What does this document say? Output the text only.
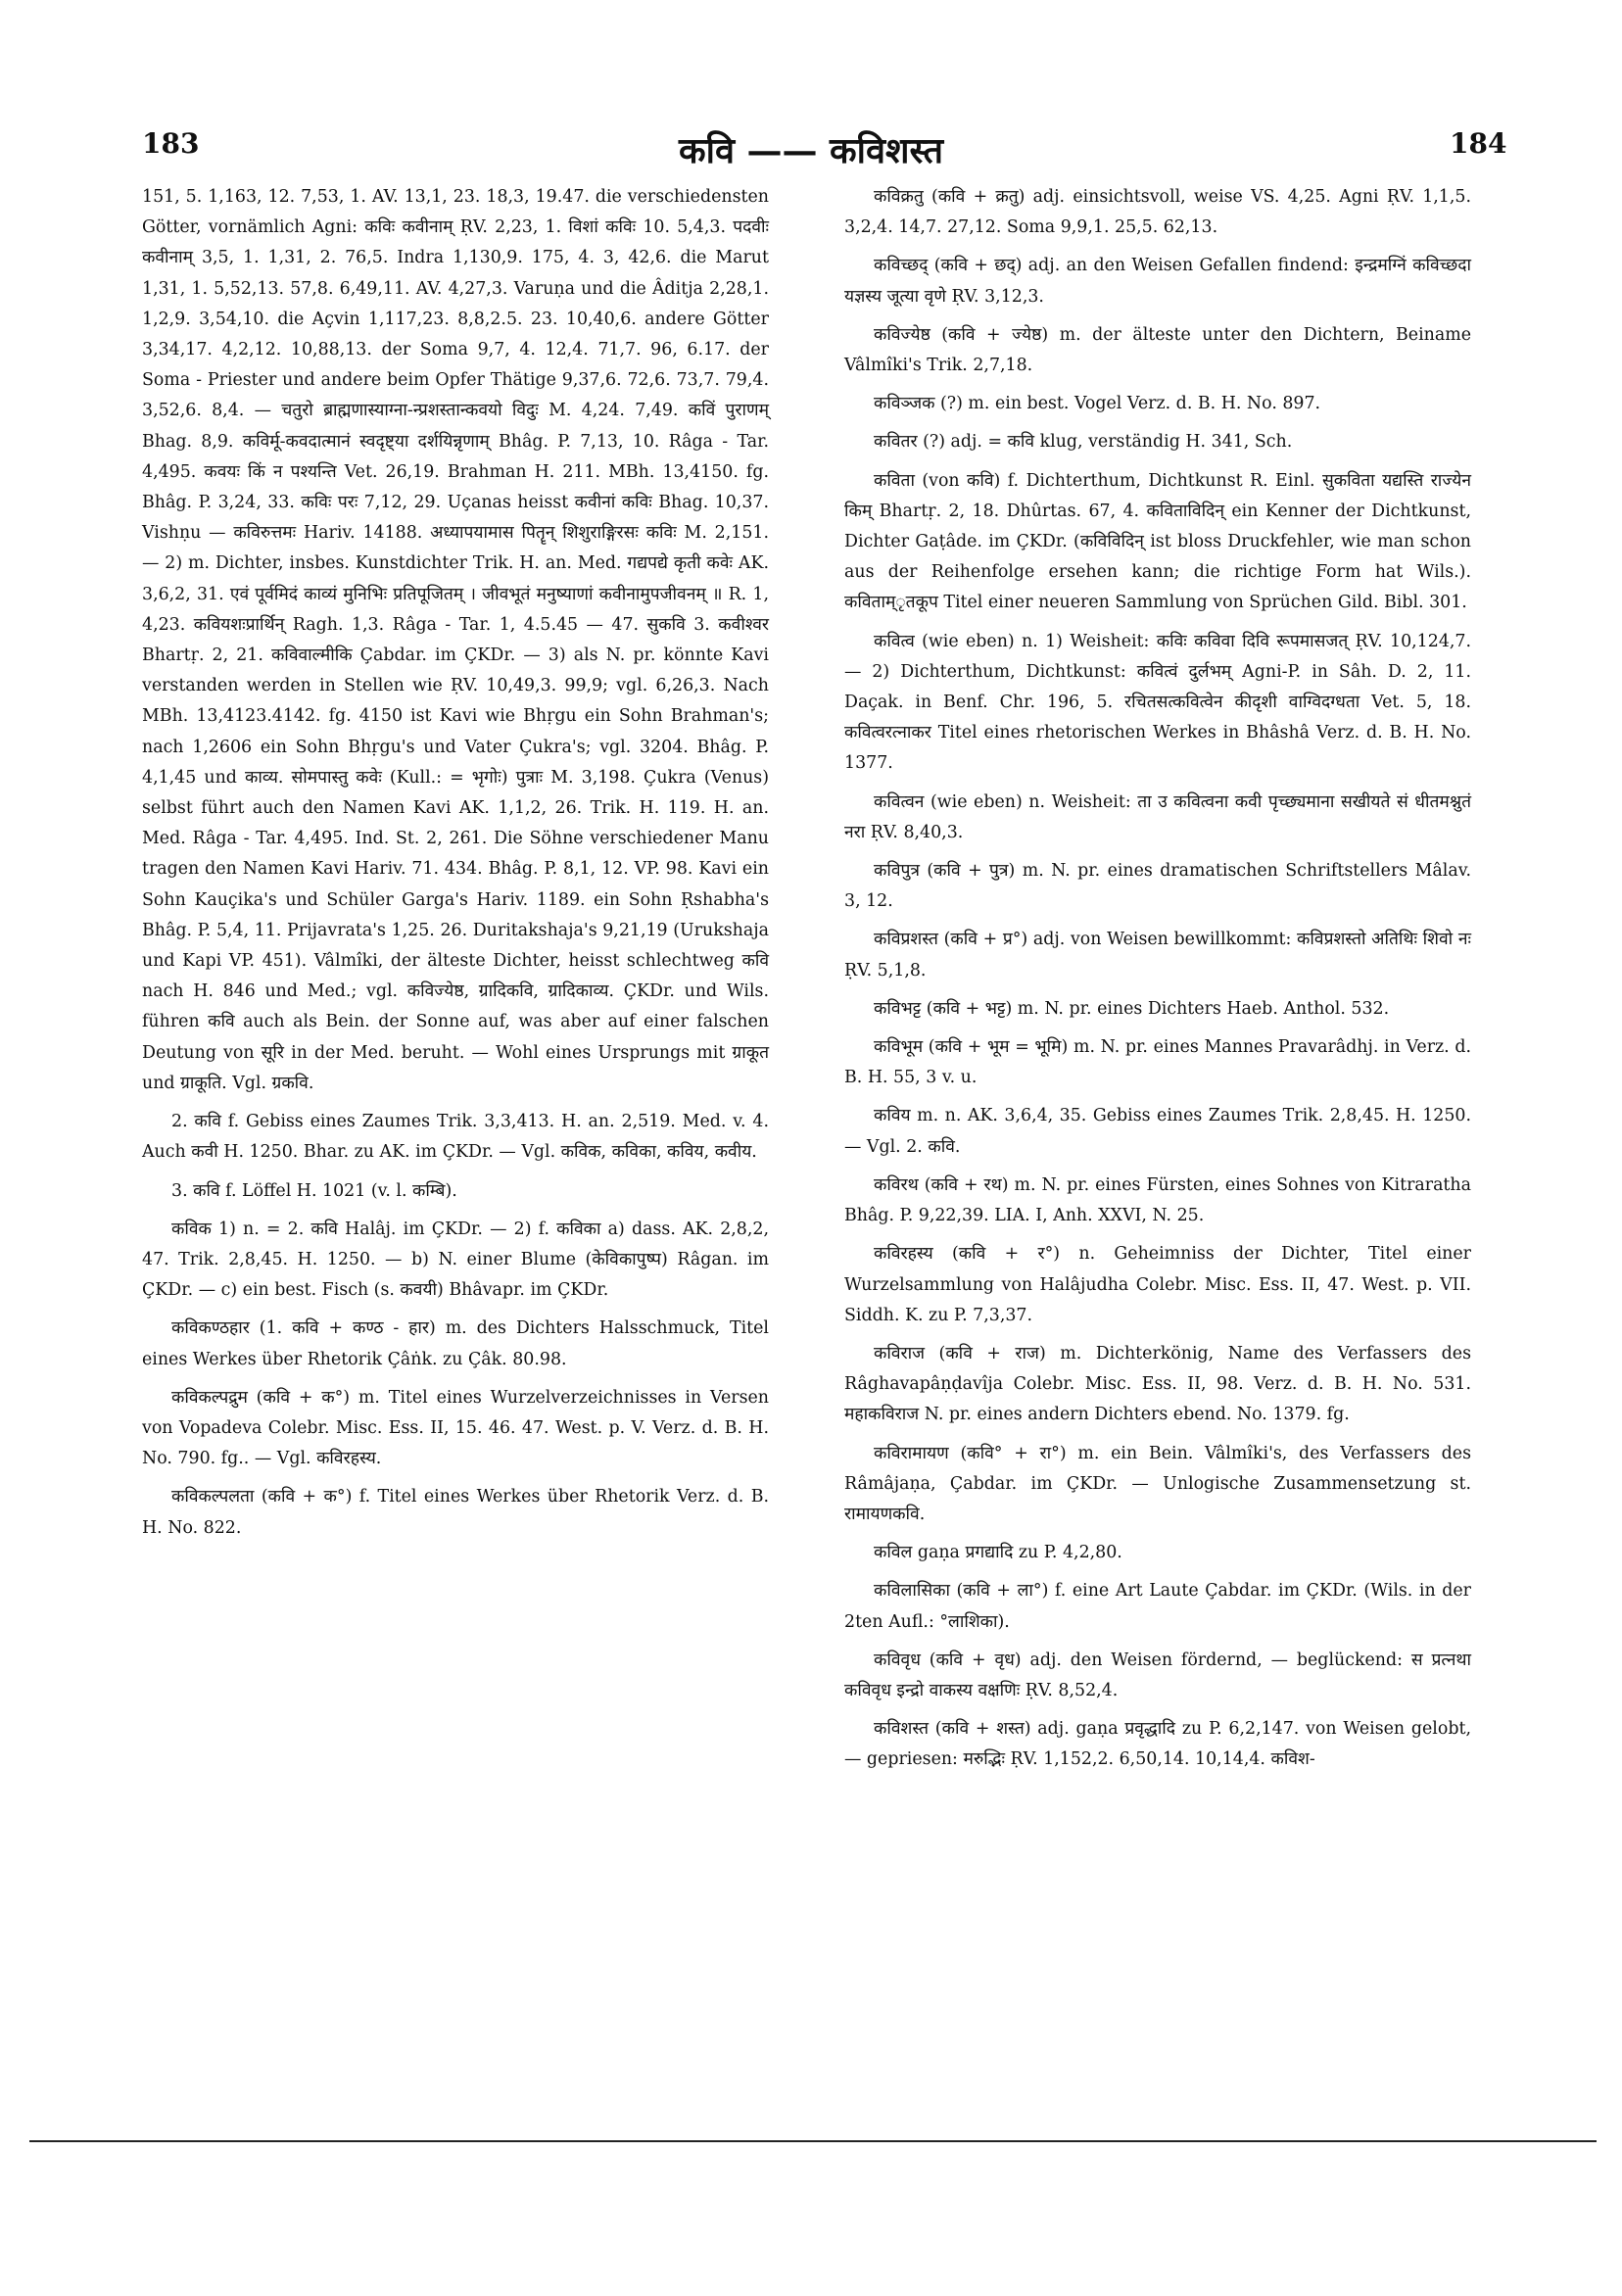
183	कवि —— कविशस्त	184

151, 5. 1,163, 12. 7,53, 1. AV. 13,1, 23. 18,3, 19.47. die verschiedensten Götter, vornämlich Agni: कविः कवीनाम् ṚV. 2,23, 1. विशां कविः 10. 5,4,3. पदवीः कवीनाम् 3,5, 1. 1,31, 2. 76,5. Indra 1,130,9. 175, 4. 3, 42,6. die Marut 1,31, 1. 5,52,13. 57,8. 6,49,11. AV. 4,27,3. Varuṇa und die Âditja 2,28,1. 1,2,9. 3,54,10. die Açvin 1,117,23. 8,8,2.5. 23. 10,40,6. andere Götter 3,34,17. 4,2,12. 10,88,13. der Soma 9,7, 4. 12,4. 71,7. 96, 6.17. der Soma - Priester und andere beim Opfer Thätige 9,37,6. 72,6. 73,7. 79,4. 3,52,6. 8,4. — चतुरो ब्राह्मणास्याग्ना-न्प्रशस्तान्कवयो विदुः M. 4,24. 7,49. कविं पुराणम् Bhag. 8,9. कविर्मू-कवदात्मानं स्वदृष्ट्या दर्शयिन्नृणाम् Bhâg. P. 7,13, 10. Râga - Tar. 4,495. कवयः किं न पश्यन्ति Vet. 26,19. Brahman H. 211. MBh. 13,4150. fg. Bhâg. P. 3,24, 33. कविः परः 7,12, 29. Uçanas heisst कवीनां कविः Bhag. 10,37. Vishṇu — कविरुत्तमः Hariv. 14188. अध्यापयामास पितॄन् शिशुराङ्गिरसः कविः M. 2,151. — 2) m. Dichter, insbes. Kunstdichter Trik. H. an. Med. गद्यपद्ये कृती कवेः AK. 3,6,2, 31. एवं पूर्वमिदं काव्यं मुनिभिः प्रतिपूजितम् । जीवभूतं मनुष्याणां कवीनामुपजीवनम् ॥ R. 1, 4,23. कवियशःप्रार्थिन् Ragh. 1,3. Râga - Tar. 1, 4.5.45 — 47. सुकवि 3. कवीश्वर Bhartṛ. 2, 21. कविवाल्मीकि Çabdar. im ÇKDr. — 3) als N. pr. könnte Kavi verstanden werden in Stellen wie ṚV. 10,49,3. 99,9; vgl. 6,26,3. Nach MBh. 13,4123.4142. fg. 4150 ist Kavi wie Bhṛgu ein Sohn Brahman's; nach 1,2606 ein Sohn Bhṛgu's und Vater Çukra's; vgl. 3204. Bhâg. P. 4,1,45 und काव्य. सोमपास्तु कवेः (Kull.: = भृगोः) पुत्राः M. 3,198. Çukra (Venus) selbst führt auch den Namen Kavi AK. 1,1,2, 26. Trik. H. 119. H. an. Med. Râga - Tar. 4,495. Ind. St. 2, 261. Die Söhne verschiedener Manu tragen den Namen Kavi Hariv. 71. 434. Bhâg. P. 8,1, 12. VP. 98. Kavi ein Sohn Kauçika's und Schüler Garga's Hariv. 1189. ein Sohn Ṛshabha's Bhâg. P. 5,4, 11. Prijavrata's 1,25. 26. Duritakshaja's 9,21,19 (Urukshaja und Kapi VP. 451). Vâlmîki, der älteste Dichter, heisst schlechtweg कवि nach H. 846 und Med.; vgl. कविज्येष्ठ, ग्रादिकवि, ग्रादिकाव्य. ÇKDr. und Wils. führen कवि auch als Bein. der Sonne auf, was aber auf einer falschen Deutung von सूरि in der Med. beruht. — Wohl eines Ursprungs mit ग्राकूत und ग्राकूति. Vgl. ग्रकवि.

2. कवि f. Gebiss eines Zaumes Trik. 3,3,413. H. an. 2,519. Med. v. 4. Auch कवी H. 1250. Bhar. zu AK. im ÇKDr. — Vgl. कविक, कविका, कविय, कवीय.

3. कवि f. Löffel H. 1021 (v. l. कम्बि).

कविक 1) n. = 2. कवि Halâj. im ÇKDr. — 2) f. कविका a) dass. AK. 2,8,2, 47. Trik. 2,8,45. H. 1250. — b) N. einer Blume (केविकापुष्प) Râgan. im ÇKDr. — c) ein best. Fisch (s. कवयी) Bhâvapr. im ÇKDr.

कविकण्ठहार (1. कवि + कण्ठ - हार) m. des Dichters Halsschmuck, Titel eines Werkes über Rhetorik Çâṅk. zu Çâk. 80.98.

कविकल्पद्रुम (कवि + क°) m. Titel eines Wurzelverzeichnisses in Versen von Vopadeva Colebr. Misc. Ess. II, 15. 46. 47. West. p. V. Verz. d. B. H. No. 790. fg.. — Vgl. कविरहस्य.

कविकल्पलता (कवि + क°) f. Titel eines Werkes über Rhetorik Verz. d. B. H. No. 822.

कविक्रतु (कवि + क्रतु) adj. einsichtsvoll, weise VS. 4,25. Agni ṚV. 1,1,5. 3,2,4. 14,7. 27,12. Soma 9,9,1. 25,5. 62,13.

कविच्छद् (कवि + छद्) adj. an den Weisen Gefallen findend: इन्द्रमग्निं कविच्छदा यज्ञस्य जूत्या वृणे ṚV. 3,12,3.

कविज्येष्ठ (कवि + ज्येष्ठ) m. der älteste unter den Dichtern, Beiname Vâlmîki's Trik. 2,7,18.

कविञ्जक (?) m. ein best. Vogel Verz. d. B. H. No. 897.

कवितर (?) adj. = कवि klug, verständig H. 341, Sch.

कविता (von कवि) f. Dichterthum, Dichtkunst R. Einl. सुकविता यद्यस्ति राज्येन किम् Bhartṛ. 2, 18. Dhûrtas. 67, 4. कविताविदिन् ein Kenner der Dichtkunst, Dichter Gaṭâde. im ÇKDr. (कविविदिन् ist bloss Druckfehler, wie man schon aus der Reihenfolge ersehen kann; die richtige Form hat Wils.). कविताम्ृतकूप Titel einer neueren Sammlung von Sprüchen Gild. Bibl. 301.

कवित्व (wie eben) n. 1) Weisheit: कविः कविवा दिवि रूपमासजत् ṚV. 10,124,7. — 2) Dichterthum, Dichtkunst: कवित्वं दुर्लभम् Agni-P. in Sâh. D. 2, 11. Daçak. in Benf. Chr. 196, 5. रचितसत्कवित्वेन कीदृशी वाग्विदग्धता Vet. 5, 18. कवित्वरत्नाकर Titel eines rhetorischen Werkes in Bhâshâ Verz. d. B. H. No. 1377.

कवित्वन (wie eben) n. Weisheit: ता उ कवित्वना कवी पृच्छ्यमाना सखीयते सं धीतमश्नुतं नरा ṚV. 8,40,3.

कविपुत्र (कवि + पुत्र) m. N. pr. eines dramatischen Schriftstellers Mâlav. 3, 12.

कविप्रशस्त (कवि + प्र°) adj. von Weisen bewillkommt: कविप्रशस्तो अतिथिः शिवो नः ṚV. 5,1,8.

कविभट्ट (कवि + भट्ट) m. N. pr. eines Dichters Haeb. Anthol. 532.

कविभूम (कवि + भूम = भूमि) m. N. pr. eines Mannes Pravarâdhj. in Verz. d. B. H. 55, 3 v. u.

कविय m. n. AK. 3,6,4, 35. Gebiss eines Zaumes Trik. 2,8,45. H. 1250. — Vgl. 2. कवि.

कविरथ (कवि + रथ) m. N. pr. eines Fürsten, eines Sohnes von Kitraratha Bhâg. P. 9,22,39. LIA. I, Anh. XXVI, N. 25.

कविरहस्य (कवि + र°) n. Geheimniss der Dichter, Titel einer Wurzelsammlung von Halâjudha Colebr. Misc. Ess. II, 47. West. p. VII. Siddh. K. zu P. 7,3,37.

कविराज (कवि + राज) m. Dichterkönig, Name des Verfassers des Râghavapâṇḍavîja Colebr. Misc. Ess. II, 98. Verz. d. B. H. No. 531. महाकविराज N. pr. eines andern Dichters ebend. No. 1379. fg.

कविरामायण (कवि° + रा°) m. ein Bein. Vâlmîki's, des Verfassers des Râmâjaṇa, Çabdar. im ÇKDr. — Unlogische Zusammensetzung st. रामायणकवि.

कविल gaṇa प्रगद्यादि zu P. 4,2,80.

कविलासिका (कवि + ला°) f. eine Art Laute Çabdar. im ÇKDr. (Wils. in der 2ten Aufl.: °लाशिका).

कविवृध (कवि + वृध) adj. den Weisen fördernd, — beglückend: स प्रत्नथा कविवृध इन्द्रो वाकस्य वक्षणिः ṚV. 8,52,4.

कविशस्त (कवि + शस्त) adj. gaṇa प्रवृद्धादि zu P. 6,2,147. von Weisen gelobt, — gepriesen: मरुद्भिः ṚV. 1,152,2. 6,50,14. 10,14,4. कविश-
